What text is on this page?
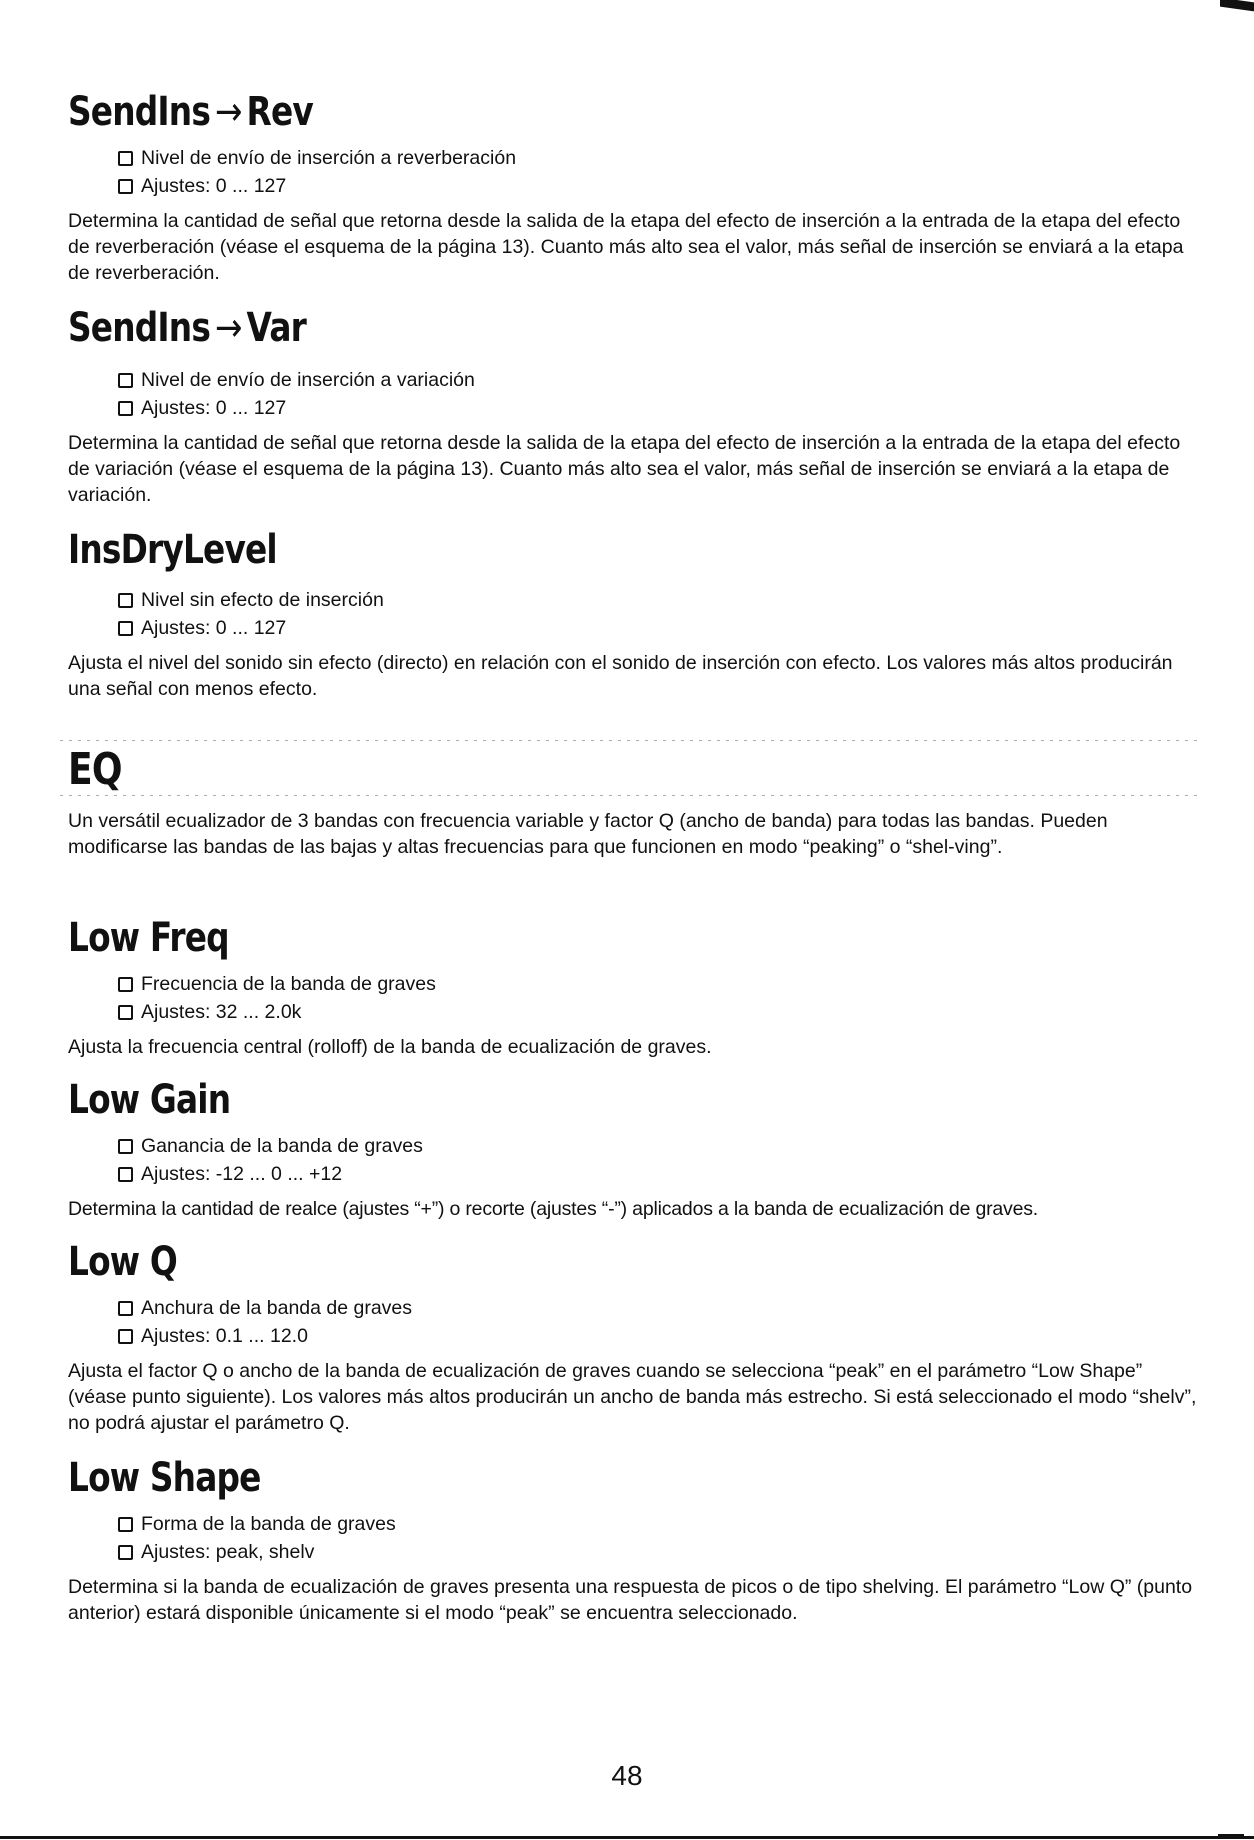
SendIns → Rev
Nivel de envío de inserción a reverberación
Ajustes: 0 ... 127

Determina la cantidad de señal que retorna desde la salida de la etapa del efecto de inserción a la entrada de la etapa del efecto de reverberación (véase el esquema de la página 13). Cuanto más alto sea el valor, más señal de inserción se enviará a la etapa de reverberación.

SendIns → Var
Nivel de envío de inserción a variación
Ajustes: 0 ... 127

Determina la cantidad de señal que retorna desde la salida de la etapa del efecto de inserción a la entrada de la etapa del efecto de variación (véase el esquema de la página 13). Cuanto más alto sea el valor, más señal de inserción se enviará a la etapa de variación.

InsDryLevel
Nivel sin efecto de inserción
Ajustes: 0 ... 127

Ajusta el nivel del sonido sin efecto (directo) en relación con el sonido de inserción con efecto. Los valores más altos producirán una señal con menos efecto.

EQ

Un versátil ecualizador de 3 bandas con frecuencia variable y factor Q (ancho de banda) para todas las bandas. Pueden modificarse las bandas de las bajas y altas frecuencias para que funcionen en modo “peaking” o “shel-ving”.

Low Freq
Frecuencia de la banda de graves
Ajustes: 32 ... 2.0k

Ajusta la frecuencia central (rolloff) de la banda de ecualización de graves.

Low Gain
Ganancia de la banda de graves
Ajustes: -12 ... 0 ... +12

Determina la cantidad de realce (ajustes “+”) o recorte (ajustes “-”) aplicados a la banda de ecualización de graves.

Low Q
Anchura de la banda de graves
Ajustes: 0.1 ... 12.0

Ajusta el factor Q o ancho de la banda de ecualización de graves cuando se selecciona “peak” en el parámetro “Low Shape” (véase punto siguiente). Los valores más altos producirán un ancho de banda más estrecho. Si está seleccionado el modo “shelv”, no podrá ajustar el parámetro Q.

Low Shape
Forma de la banda de graves
Ajustes: peak, shelv

Determina si la banda de ecualización de graves presenta una respuesta de picos o de tipo shelving. El parámetro “Low Q” (punto anterior) estará disponible únicamente si el modo “peak” se encuentra seleccionado.

48
